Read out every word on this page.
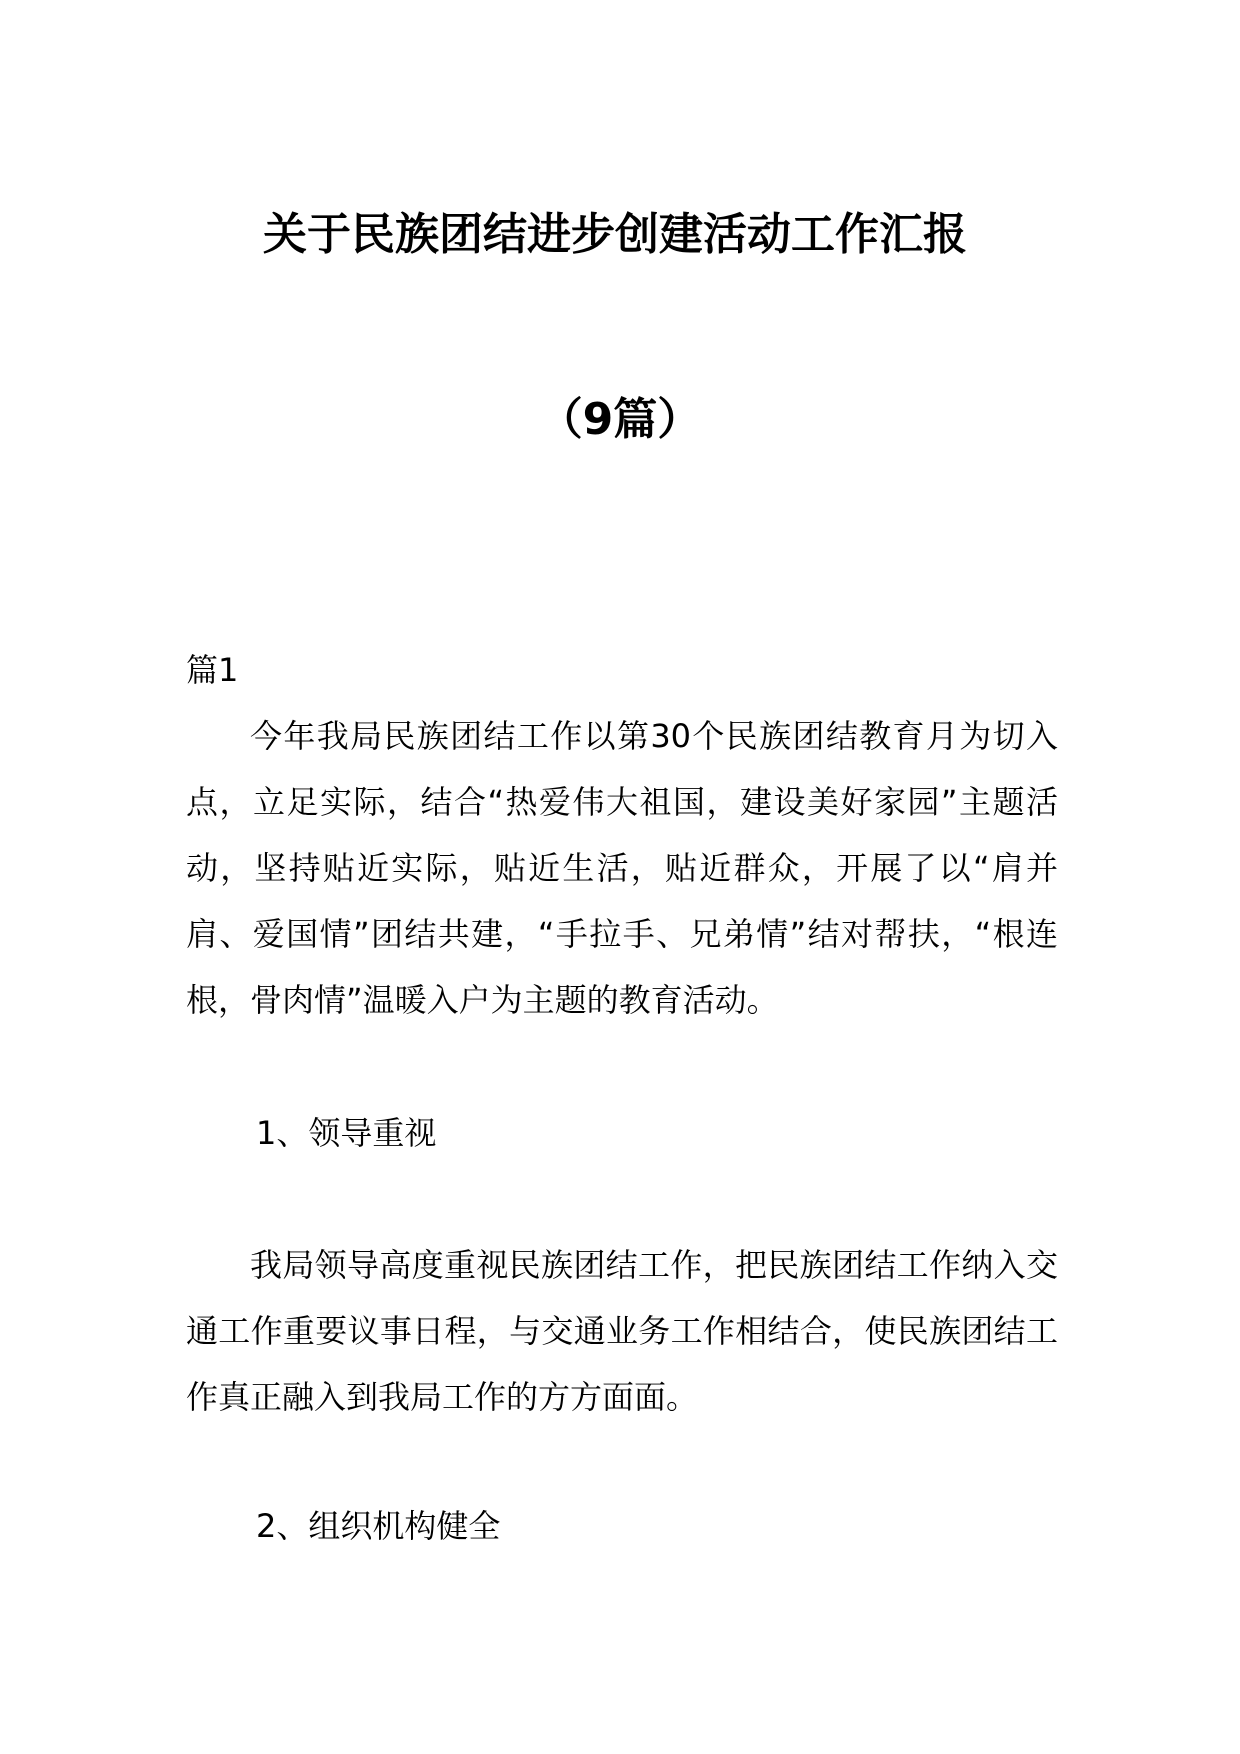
关于民族团结进步创建活动工作汇报
（9篇）

篇1

今年我局民族团结工作以第30个民族团结教育月为切入点，立足实际，结合“热爱伟大祖国，建设美好家园”主题活动，坚持贴近实际，贴近生活，贴近群众，开展了以“肩并肩、爱国情”团结共建，“手拉手、兄弟情”结对帮扶，“根连根，骨肉情”温暖入户为主题的教育活动。

1、领导重视

我局领导高度重视民族团结工作，把民族团结工作纳入交通工作重要议事日程，与交通业务工作相结合，使民族团结工作真正融入到我局工作的方方面面。

2、组织机构健全
